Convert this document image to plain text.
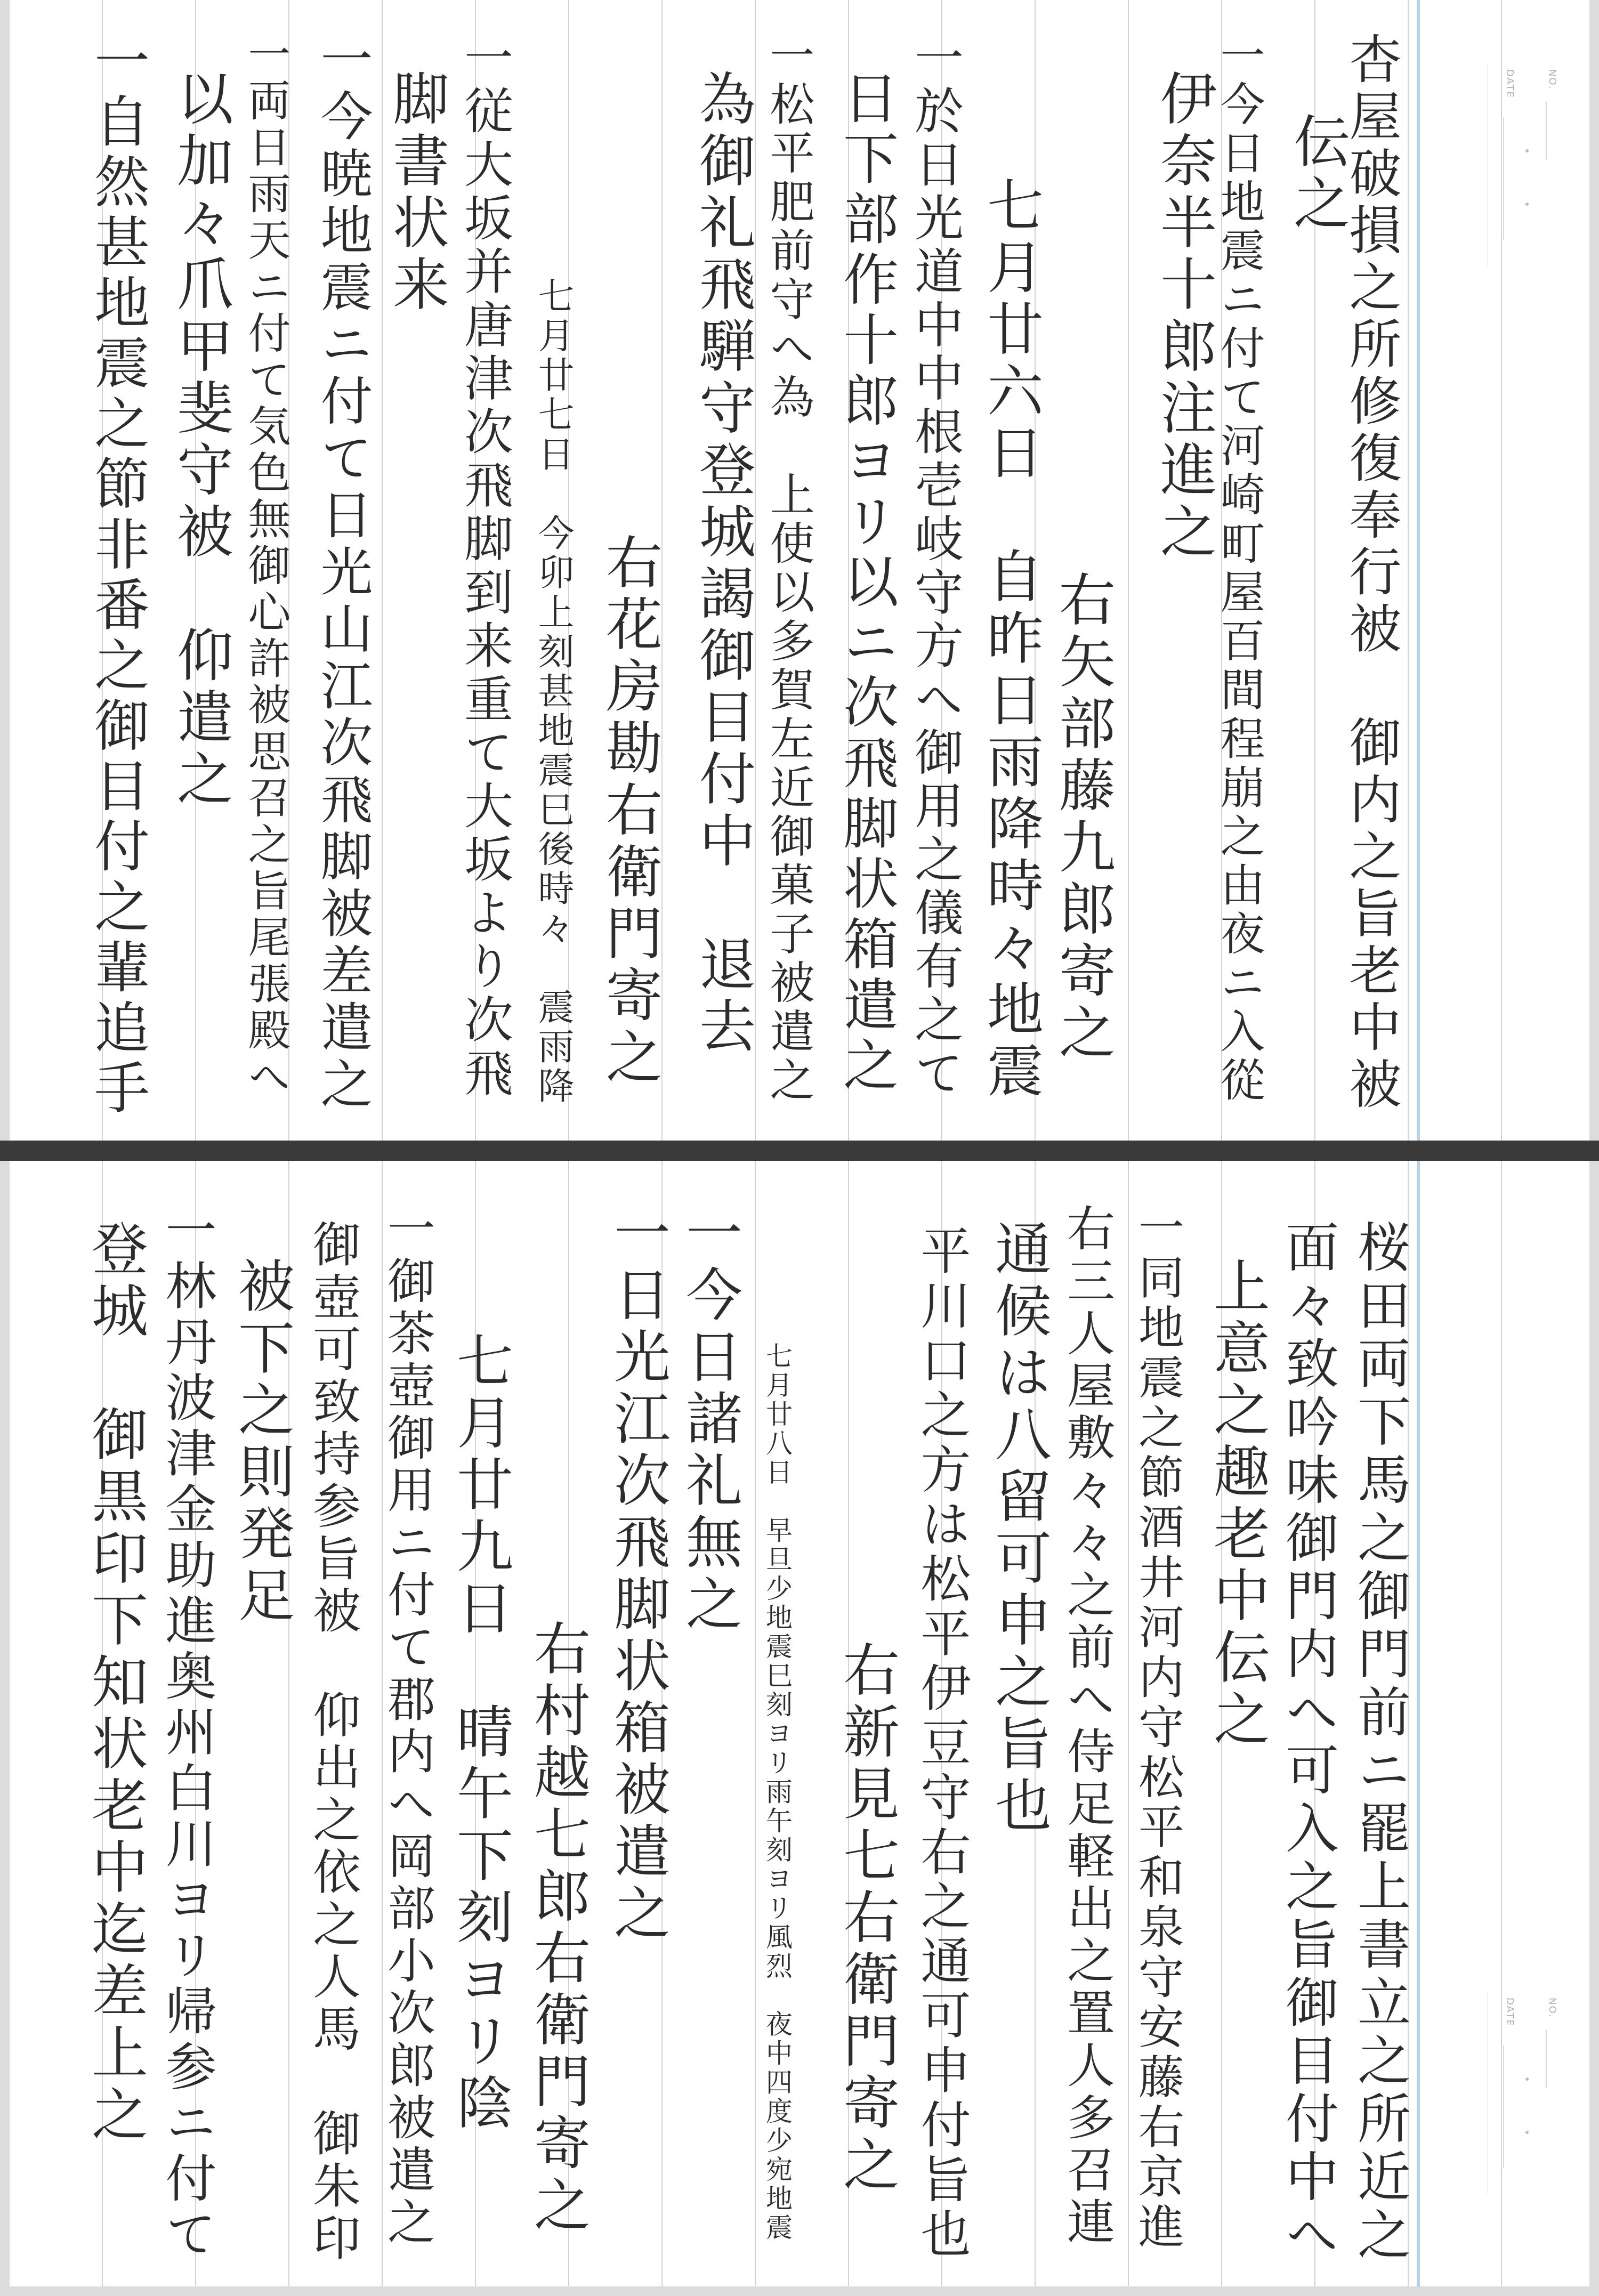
NO.
DATE
杏屋破損之所修復奉行被　御内之旨老中被
伝之
一今日地震ニ付て河崎町屋百間程崩之由夜ニ入從
伊奈半十郎注進之
右矢部藤九郎寄之
七月廿六日　自昨日雨降時々地震
一於日光道中中根壱岐守方へ御用之儀有之て
日下部作十郎ヨリ以ニ次飛脚状箱遣之
一松平肥前守へ為　上使以多賀左近御菓子被遣之
為御礼飛騨守登城謁御目付中　退去
右花房勘右衛門寄之
七月廿七日　今卯上刻甚地震巳後時々　震雨降
一従大坂并唐津次飛脚到来重て大坂より次飛
脚書状来
一今暁地震ニ付て日光山江次飛脚被差遣之
一両日雨天ニ付て気色無御心許被思召之旨尾張殿へ
以加々爪甲斐守被　仰遣之
一自然甚地震之節非番之御目付之輩追手
NO.
DATE
桜田両下馬之御門前ニ罷上書立之所近之
面々致吟味御門内へ可入之旨御目付中へ
上意之趣老中伝之
一同地震之節酒井河内守松平和泉守安藤右京進
右三人屋敷々々之前へ侍足軽出之置人多召連
通候は八留可申之旨也
平川口之方は松平伊豆守右之通可申付旨也
右新見七右衛門寄之
七月廿八日　早旦少地震巳刻ヨリ雨午刻ヨリ風烈　夜中四度少宛地震
一今日諸礼無之
一日光江次飛脚状箱被遣之
右村越七郎右衛門寄之
七月廿九日　晴午下刻ヨリ陰
一御茶壺御用ニ付て郡内へ岡部小次郎被遣之
御壺可致持参旨被　仰出之依之人馬　御朱印
被下之則発足
一林丹波津金助進奥州白川ヨリ帰参ニ付て
登城　御黒印下知状老中迄差上之
